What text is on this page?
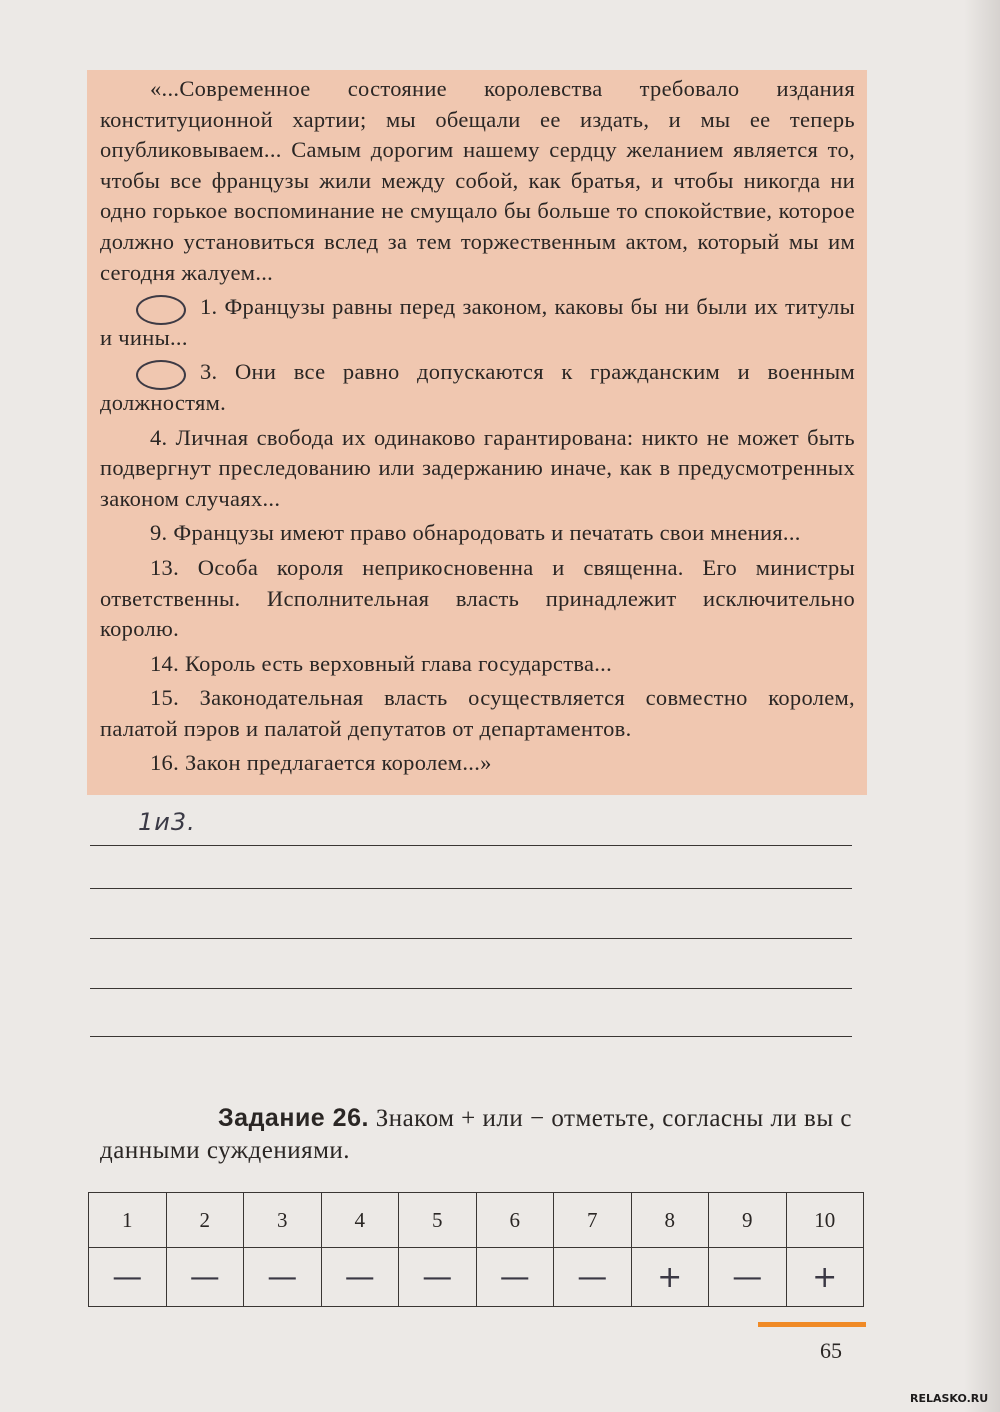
«...Современное состояние королевства требовало издания конституционной хартии; мы обещали ее издать, и мы ее теперь опубликовываем... Самым дорогим нашему сердцу желанием является то, чтобы все французы жили между собой, как братья, и чтобы никогда ни одно горькое воспоминание не смущало бы больше то спокойствие, которое должно установиться вслед за тем торжественным актом, который мы им сегодня жалуем...

1. Французы равны перед законом, каковы бы ни были их титулы и чины...

3. Они все равно допускаются к гражданским и военным должностям.

4. Личная свобода их одинаково гарантирована: никто не может быть подвергнут преследованию или задержанию иначе, как в предусмотренных законом случаях...

9. Французы имеют право обнародовать и печатать свои мнения...

13. Особа короля неприкосновенна и священна. Его министры ответственны. Исполнительная власть принадлежит исключительно королю.

14. Король есть верховный глава государства...

15. Законодательная власть осуществляется совместно королем, палатой пэров и палатой депутатов от департаментов.

16. Закон предлагается королем...»

1и3.
Задание 26. Знаком + или − отметьте, согласны ли вы с данными суждениями.
1	2	3	4	5	6	7	8	9	10
—	—	—	—	—	—	—	+	—	+
65
RELASKO.RU
